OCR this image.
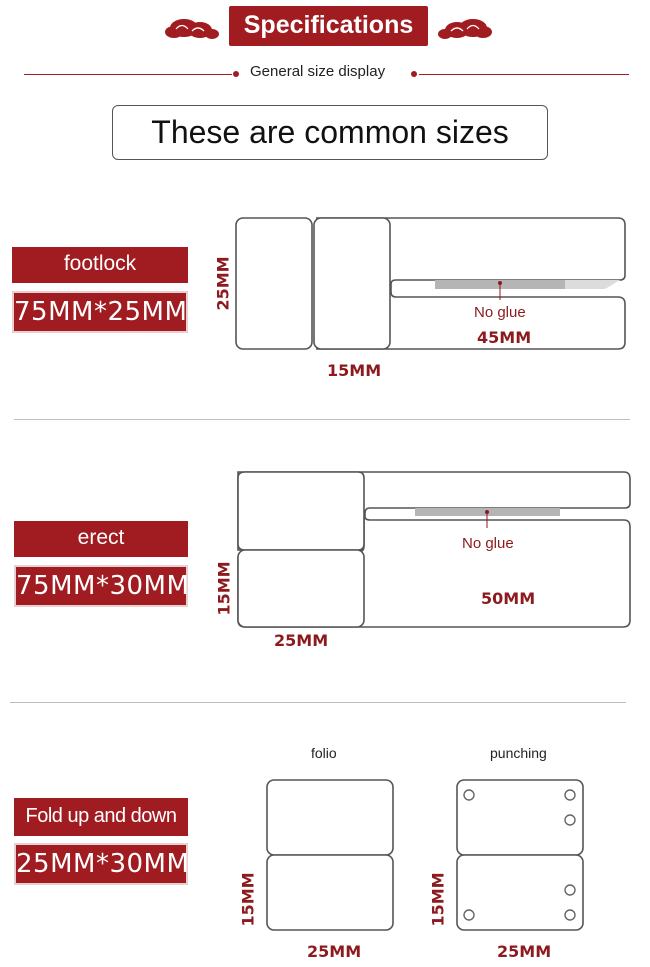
Specifications
General size display
These are common sizes
footlock
75MM*25MM
25MM
15MM
No glue
45MM
erect
75MM*30MM
No glue
15MM
25MM
50MM
Fold up and down
25MM*30MM
folio
15MM
25MM
punching
15MM
25MM
